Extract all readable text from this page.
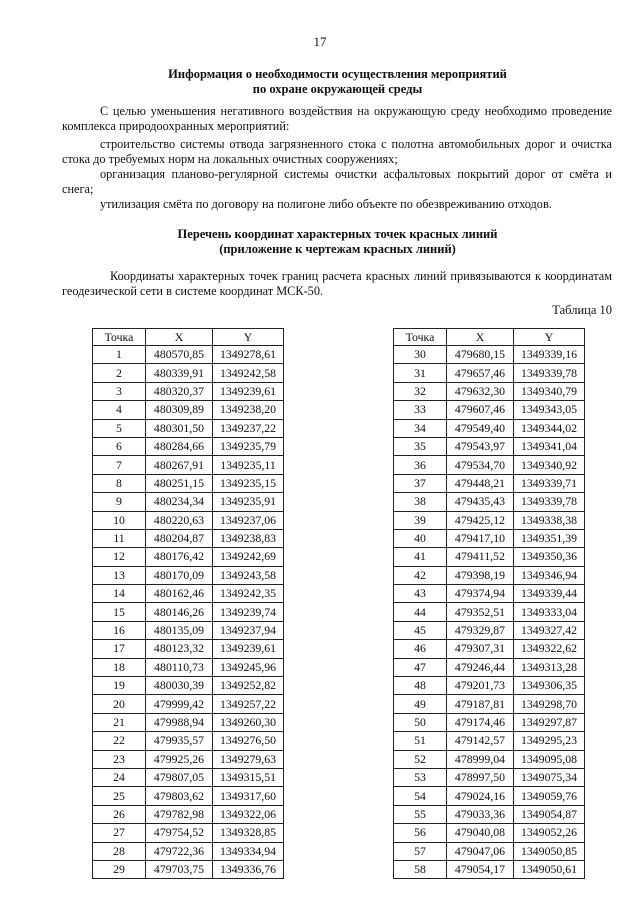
17
Информация о необходимости осуществления мероприятий
по охране окружающей среды
С целью уменьшения негативного воздействия на окружающую среду необходимо проведение комплекса природоохранных мероприятий:
строительство системы отвода загрязненного стока с полотна автомобильных дорог и очистка стока до требуемых норм на локальных очистных сооружениях;
организация планово-регулярной системы очистки асфальтовых покрытий дорог от смёта и снега;
утилизация смёта по договору на полигоне либо объекте по обезвреживанию отходов.
Перечень координат характерных точек красных линий
(приложение к чертежам красных линий)
Координаты характерных точек границ расчета красных линий привязываются к координатам геодезической сети в системе координат МСК-50.
Таблица 10
Точка	X	Y
1	480570,85	1349278,61
2	480339,91	1349242,58
3	480320,37	1349239,61
4	480309,89	1349238,20
5	480301,50	1349237,22
6	480284,66	1349235,79
7	480267,91	1349235,11
8	480251,15	1349235,15
9	480234,34	1349235,91
10	480220,63	1349237,06
11	480204,87	1349238,83
12	480176,42	1349242,69
13	480170,09	1349243,58
14	480162,46	1349242,35
15	480146,26	1349239,74
16	480135,09	1349237,94
17	480123,32	1349239,61
18	480110,73	1349245,96
19	480030,39	1349252,82
20	479999,42	1349257,22
21	479988,94	1349260,30
22	479935,57	1349276,50
23	479925,26	1349279,63
24	479807,05	1349315,51
25	479803,62	1349317,60
26	479782,98	1349322,06
27	479754,52	1349328,85
28	479722,36	1349334,94
29	479703,75	1349336,76
Точка	X	Y
30	479680,15	1349339,16
31	479657,46	1349339,78
32	479632,30	1349340,79
33	479607,46	1349343,05
34	479549,40	1349344,02
35	479543,97	1349341,04
36	479534,70	1349340,92
37	479448,21	1349339,71
38	479435,43	1349339,78
39	479425,12	1349338,38
40	479417,10	1349351,39
41	479411,52	1349350,36
42	479398,19	1349346,94
43	479374,94	1349339,44
44	479352,51	1349333,04
45	479329,87	1349327,42
46	479307,31	1349322,62
47	479246,44	1349313,28
48	479201,73	1349306,35
49	479187,81	1349298,70
50	479174,46	1349297,87
51	479142,57	1349295,23
52	478999,04	1349095,08
53	478997,50	1349075,34
54	479024,16	1349059,76
55	479033,36	1349054,87
56	479040,08	1349052,26
57	479047,06	1349050,85
58	479054,17	1349050,61
